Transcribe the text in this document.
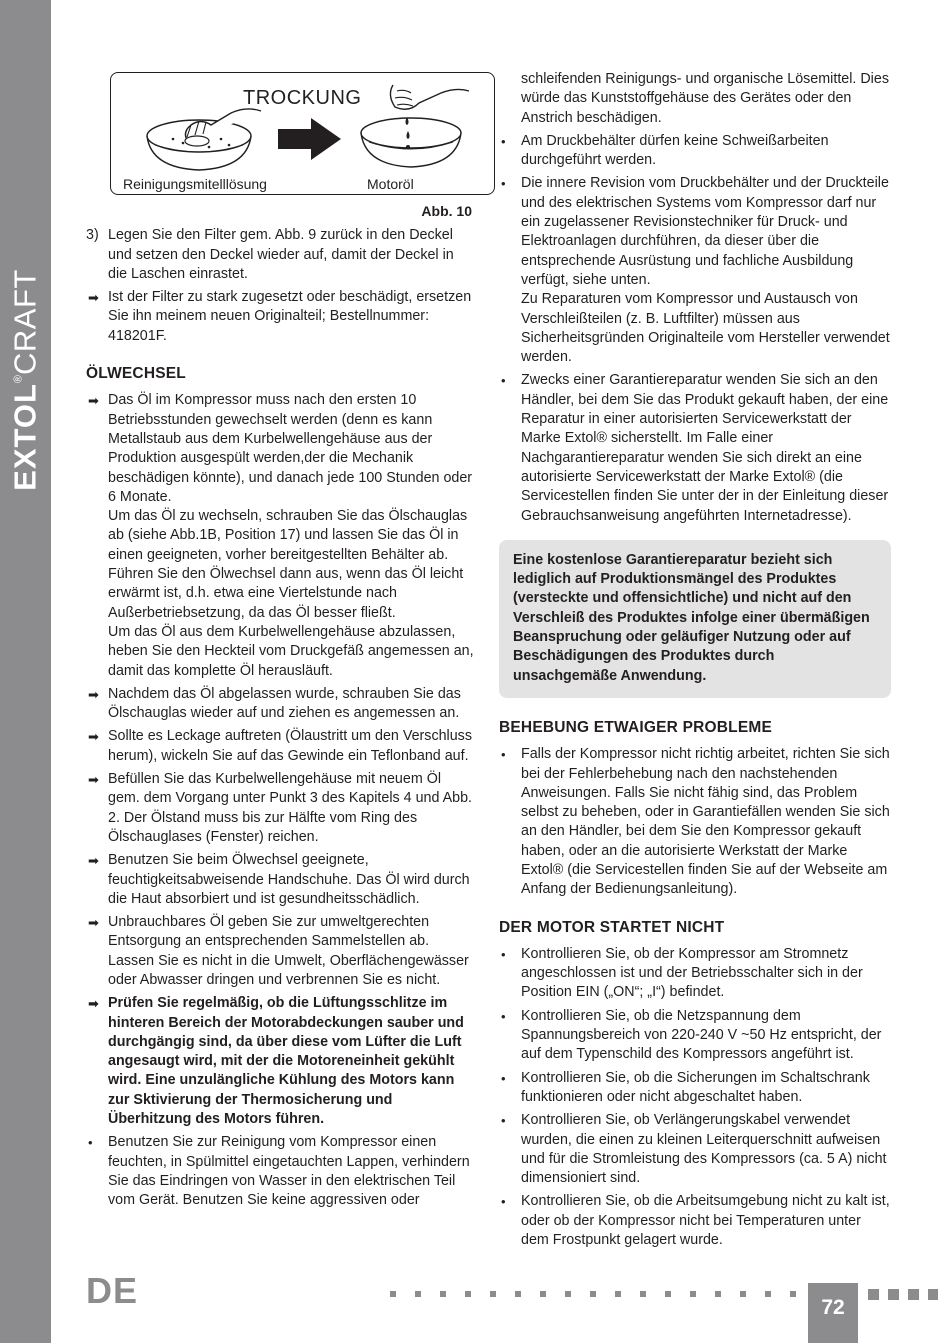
EXTOL®CRAFT
TROCKUNG
Reinigungsmitelllösung	Motoröl
Abb. 10
3) Legen Sie den Filter gem. Abb. 9 zurück in den Deckel und setzen den Deckel wieder auf, damit der Deckel in die Laschen einrastet.

➡ Ist der Filter zu stark zugesetzt oder beschädigt, ersetzen Sie ihn meinem neuen Originalteil; Bestellnummer: 418201F.

ÖLWECHSEL
➡ Das Öl im Kompressor muss nach den ersten 10 Betriebsstunden gewechselt werden (denn es kann Metallstaub aus dem Kurbelwellengehäuse aus der Produktion ausgespült werden,der die Mechanik beschädigen könnte), und danach jede 100 Stunden oder 6 Monate.

Um das Öl zu wechseln, schrauben Sie das Ölschauglas ab (siehe Abb.1B, Position 17) und lassen Sie das Öl in einen geeigneten, vorher bereitgestellten Behälter ab. Führen Sie den Ölwechsel dann aus, wenn das Öl leicht erwärmt ist, d.h. etwa eine Viertelstunde nach Außerbetriebsetzung, da das Öl besser fließt.

Um das Öl aus dem Kurbelwellengehäuse abzulassen, heben Sie den Heckteil vom Druckgefäß angemessen an, damit das komplette Öl herausläuft.

➡ Nachdem das Öl abgelassen wurde, schrauben Sie das Ölschauglas wieder auf und ziehen es angemessen an.

➡ Sollte es Leckage auftreten (Ölaustritt um den Verschluss herum), wickeln Sie auf das Gewinde ein Teflonband auf.

➡ Befüllen Sie das Kurbelwellengehäuse mit neuem Öl gem. dem Vorgang unter Punkt 3 des Kapitels 4 und Abb. 2. Der Ölstand muss bis zur Hälfte vom Ring des Ölschauglases (Fenster) reichen.

➡ Benutzen Sie beim Ölwechsel geeignete, feuchtigkeitsabweisende Handschuhe. Das Öl wird durch die Haut absorbiert und ist gesundheitsschädlich.

➡ Unbrauchbares Öl geben Sie zur umweltgerechten Entsorgung an entsprechenden Sammelstellen ab. Lassen Sie es nicht in die Umwelt, Oberflächengewässer oder Abwasser dringen und verbrennen Sie es nicht.

➡ Prüfen Sie regelmäßig, ob die Lüftungsschlitze im hinteren Bereich der Motorabdeckungen sauber und durchgängig sind, da über diese vom Lüfter die Luft angesaugt wird, mit der die Motoreneinheit gekühlt wird. Eine unzulängliche Kühlung des Motors kann zur Sktivierung der Thermosicherung und Überhitzung des Motors führen.

• Benutzen Sie zur Reinigung vom Kompressor einen feuchten, in Spülmittel eingetauchten Lappen, verhindern Sie das Eindringen von Wasser in den elektrischen Teil vom Gerät. Benutzen Sie keine aggressiven oder

schleifenden Reinigungs- und organische Lösemittel. Dies würde das Kunststoffgehäuse des Gerätes oder den Anstrich beschädigen.

• Am Druckbehälter dürfen keine Schweißarbeiten durchgeführt werden.

• Die innere Revision vom Druckbehälter und der Druckteile und des elektrischen Systems vom Kompressor darf nur ein zugelassener Revisionstechniker für Druck- und Elektroanlagen durchführen, da dieser über die entsprechende Ausrüstung und fachliche Ausbildung verfügt, siehe unten.

Zu Reparaturen vom Kompressor und Austausch von Verschleißteilen (z. B. Luftfilter) müssen aus Sicherheitsgründen Originalteile vom Hersteller verwendet werden.

• Zwecks einer Garantiereparatur wenden Sie sich an den Händler, bei dem Sie das Produkt gekauft haben, der eine Reparatur in einer autorisierten Servicewerkstatt der Marke Extol® sicherstellt. Im Falle einer Nachgarantiereparatur wenden Sie sich direkt an eine autorisierte Servicewerkstatt der Marke Extol® (die Servicestellen finden Sie unter der in der Einleitung dieser Gebrauchsanweisung angeführten Internetadresse).

Eine kostenlose Garantiereparatur bezieht sich lediglich auf Produktionsmängel des Produktes (versteckte und offensichtliche) und nicht auf den Verschleiß des Produktes infolge einer übermäßigen Beanspruchung oder geläufiger Nutzung oder auf Beschädigungen des Produktes durch unsachgemäße Anwendung.
BEHEBUNG ETWAIGER PROBLEME
• Falls der Kompressor nicht richtig arbeitet, richten Sie sich bei der Fehlerbehebung nach den nachstehenden Anweisungen. Falls Sie nicht fähig sind, das Problem selbst zu beheben, oder in Garantiefällen wenden Sie sich an den Händler, bei dem Sie den Kompressor gekauft haben, oder an die autorisierte Werkstatt der Marke Extol® (die Servicestellen finden Sie auf der Webseite am Anfang der Bedienungsanleitung).

DER MOTOR STARTET NICHT
• Kontrollieren Sie, ob der Kompressor am Stromnetz angeschlossen ist und der Betriebsschalter sich in der Position EIN („ON“; „I“) befindet.

• Kontrollieren Sie, ob die Netzspannung dem Spannungsbereich von 220-240 V ~50 Hz entspricht, der auf dem Typenschild des Kompressors angeführt ist.

• Kontrollieren Sie, ob die Sicherungen im Schaltschrank funktionieren oder nicht abgeschaltet haben.

• Kontrollieren Sie, ob Verlängerungskabel verwendet wurden, die einen zu kleinen Leiterquerschnitt aufweisen und für die Stromleistung des Kompressors (ca. 5 A) nicht dimensioniert sind.

• Kontrollieren Sie, ob die Arbeitsumgebung nicht zu kalt ist, oder ob der Kompressor nicht bei Temperaturen unter dem Frostpunkt gelagert wurde.

DE	72
